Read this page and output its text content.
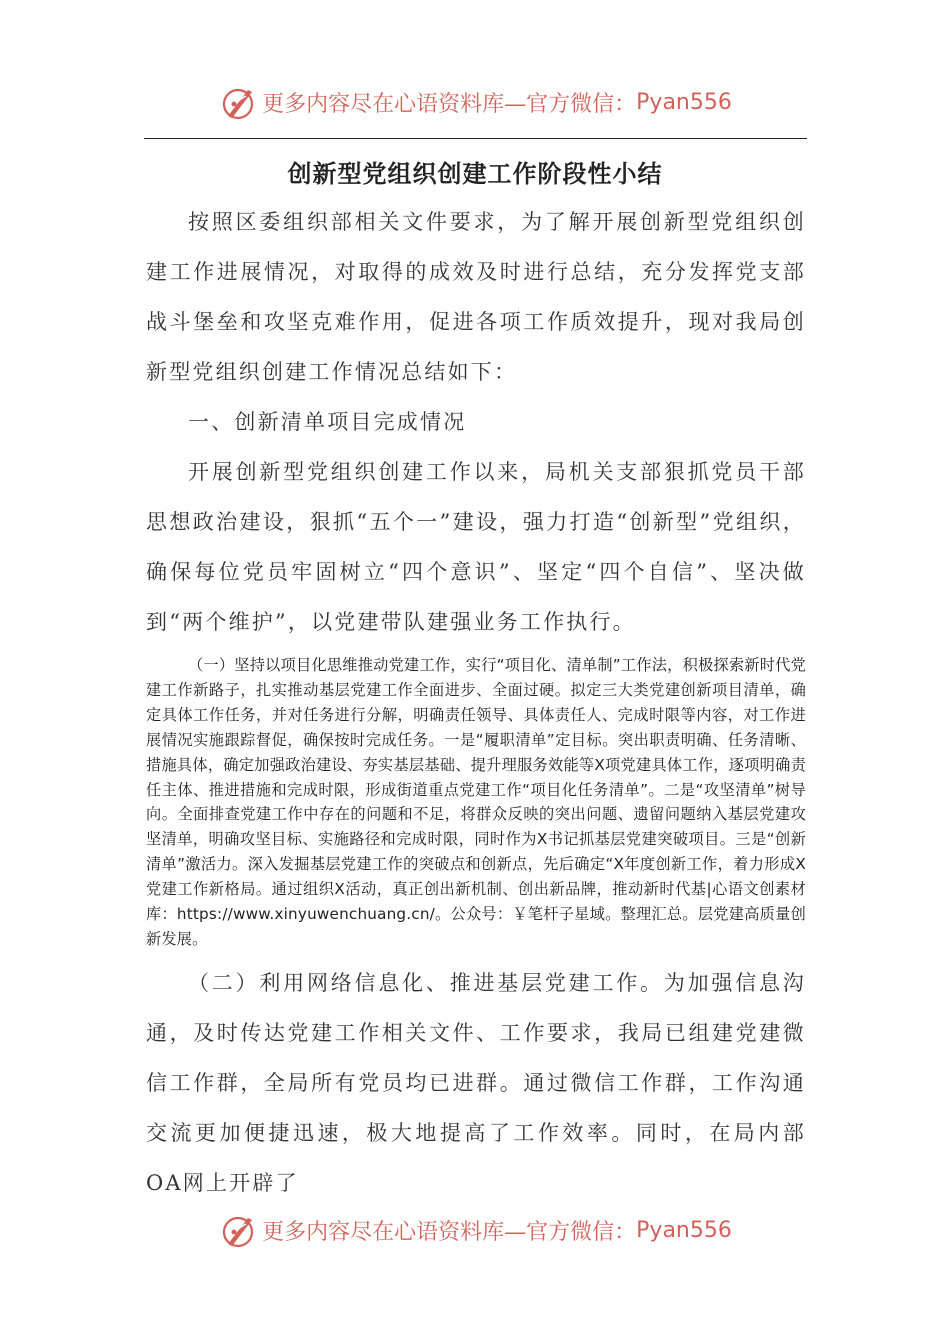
更多内容尽在心语资料库 —官方微信： Pyan556
创新型党组织创建工作阶段性小结

按照区委组织部相关文件要求，为了解开展创新型党组织创建工作进展情况，对取得的成效及时进行总结，充分发挥党支部战斗堡垒和攻坚克难作用，促进各项工作质效提升，现对我局创新型党组织创建工作情况总结如下：

一、创新清单项目完成情况

开展创新型党组织创建工作以来，局机关支部狠抓党员干部思想政治建设，狠抓“五个一”建设，强力打造“创新型”党组织，确保每位党员牢固树立“四个意识”、坚定“四个自信”、坚决做到“两个维护”，以党建带队建强业务工作执行。

（一）坚持以项目化思维推动党建工作，实行“项目化、清单制”工作法，积极探索新时代党建工作新路子，扎实推动基层党建工作全面进步、全面过硬。拟定三大类党建创新项目清单，确定具体工作任务，并对任务进行分解，明确责任领导、具体责任人、完成时限等内容，对工作进展情况实施跟踪督促，确保按时完成任务。一是“履职清单”定目标。突出职责明确、任务清晰、措施具体，确定加强政治建设、夯实基层基础、提升理服务效能等X项党建具体工作，逐项明确责任主体、推进措施和完成时限，形成街道重点党建工作“项目化任务清单”。二是“攻坚清单”树导向。全面排查党建工作中存在的问题和不足，将群众反映的突出问题、遗留问题纳入基层党建攻坚清单，明确攻坚目标、实施路径和完成时限，同时作为X书记抓基层党建突破项目。三是“创新清单”激活力。深入发掘基层党建工作的突破点和创新点，先后确定“X年度创新工作，着力形成X党建工作新格局。通过组织X活动，真正创出新机制、创出新品牌，推动新时代基|心语文创素材库：https://www.xinyuwenchuang.cn/。公众号：￥笔杆子星域。整理汇总。层党建高质量创新发展。

（二）利用网络信息化、推进基层党建工作。为加强信息沟通，及时传达党建工作相关文件、工作要求，我局已组建党建微信工作群，全局所有党员均已进群。通过微信工作群，工作沟通交流更加便捷迅速，极大地提高了工作效率。同时，在局内部OA网上开辟了

更多内容尽在心语资料库 —官方微信： Pyan556
